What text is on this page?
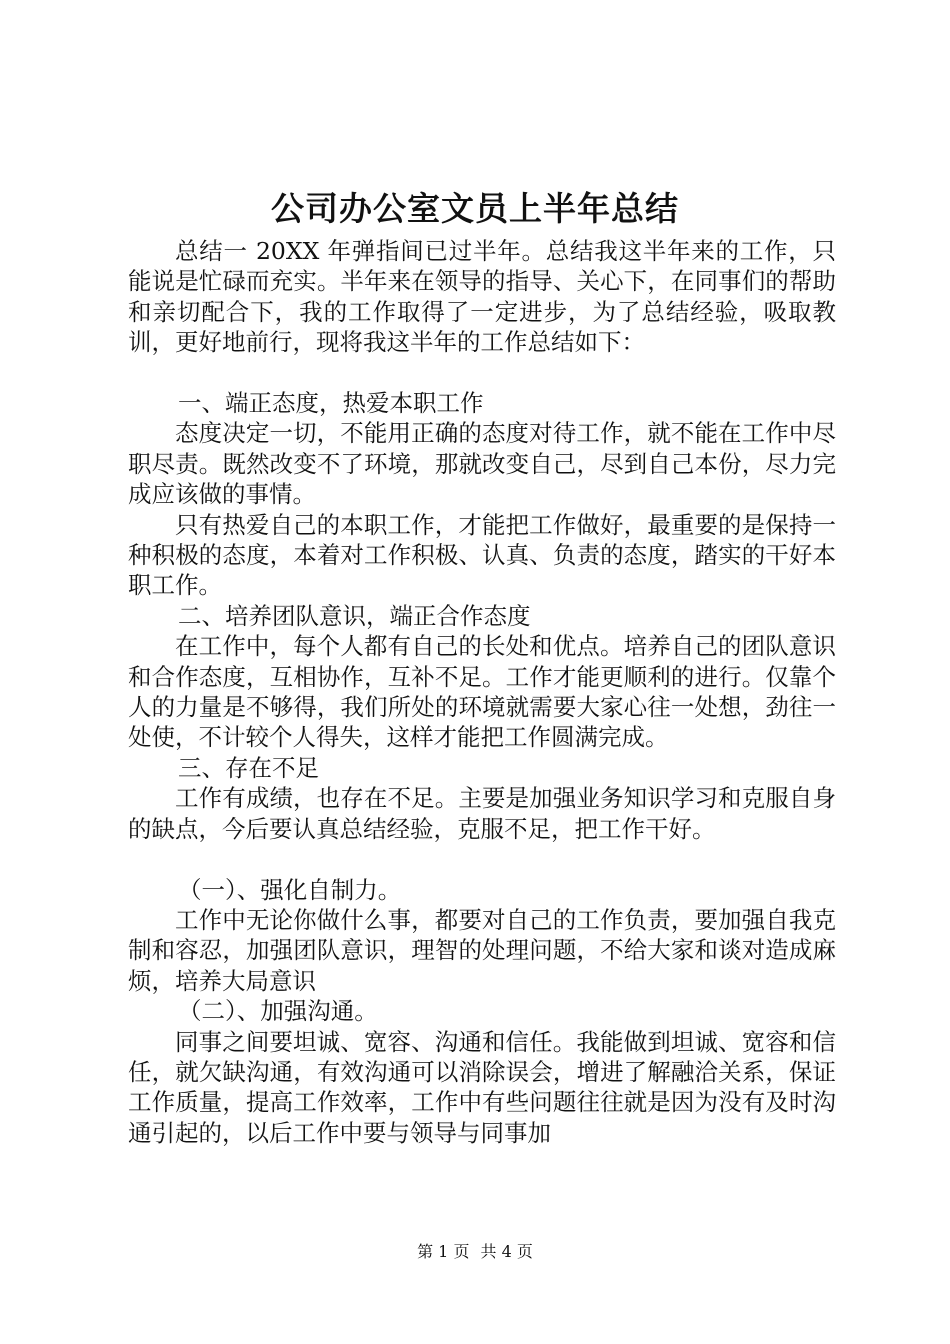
公司办公室文员上半年总结

总结一 20XX 年弹指间已过半年。总结我这半年来的工作，只能说是忙碌而充实。半年来在领导的指导、关心下，在同事们的帮助和亲切配合下，我的工作取得了一定进步，为了总结经验，吸取教训，更好地前行，现将我这半年的工作总结如下：

一、端正态度，热爱本职工作

态度决定一切，不能用正确的态度对待工作，就不能在工作中尽职尽责。既然改变不了环境，那就改变自己，尽到自己本份，尽力完成应该做的事情。

只有热爱自己的本职工作，才能把工作做好，最重要的是保持一种积极的态度，本着对工作积极、认真、负责的态度，踏实的干好本职工作。

二、培养团队意识，端正合作态度

在工作中，每个人都有自己的长处和优点。培养自己的团队意识和合作态度，互相协作，互补不足。工作才能更顺利的进行。仅靠个人的力量是不够得，我们所处的环境就需要大家心往一处想，劲往一处使，不计较个人得失，这样才能把工作圆满完成。

三、存在不足

工作有成绩，也存在不足。主要是加强业务知识学习和克服自身的缺点，今后要认真总结经验，克服不足，把工作干好。

（一）、强化自制力。

工作中无论你做什么事，都要对自己的工作负责，要加强自我克制和容忍，加强团队意识，理智的处理问题，不给大家和谈对造成麻烦，培养大局意识

（二）、加强沟通。

同事之间要坦诚、宽容、沟通和信任。我能做到坦诚、宽容和信任，就欠缺沟通，有效沟通可以消除误会，增进了解融洽关系，保证工作质量，提高工作效率，工作中有些问题往往就是因为没有及时沟通引起的，以后工作中要与领导与同事加

第 1 页 共 4 页
